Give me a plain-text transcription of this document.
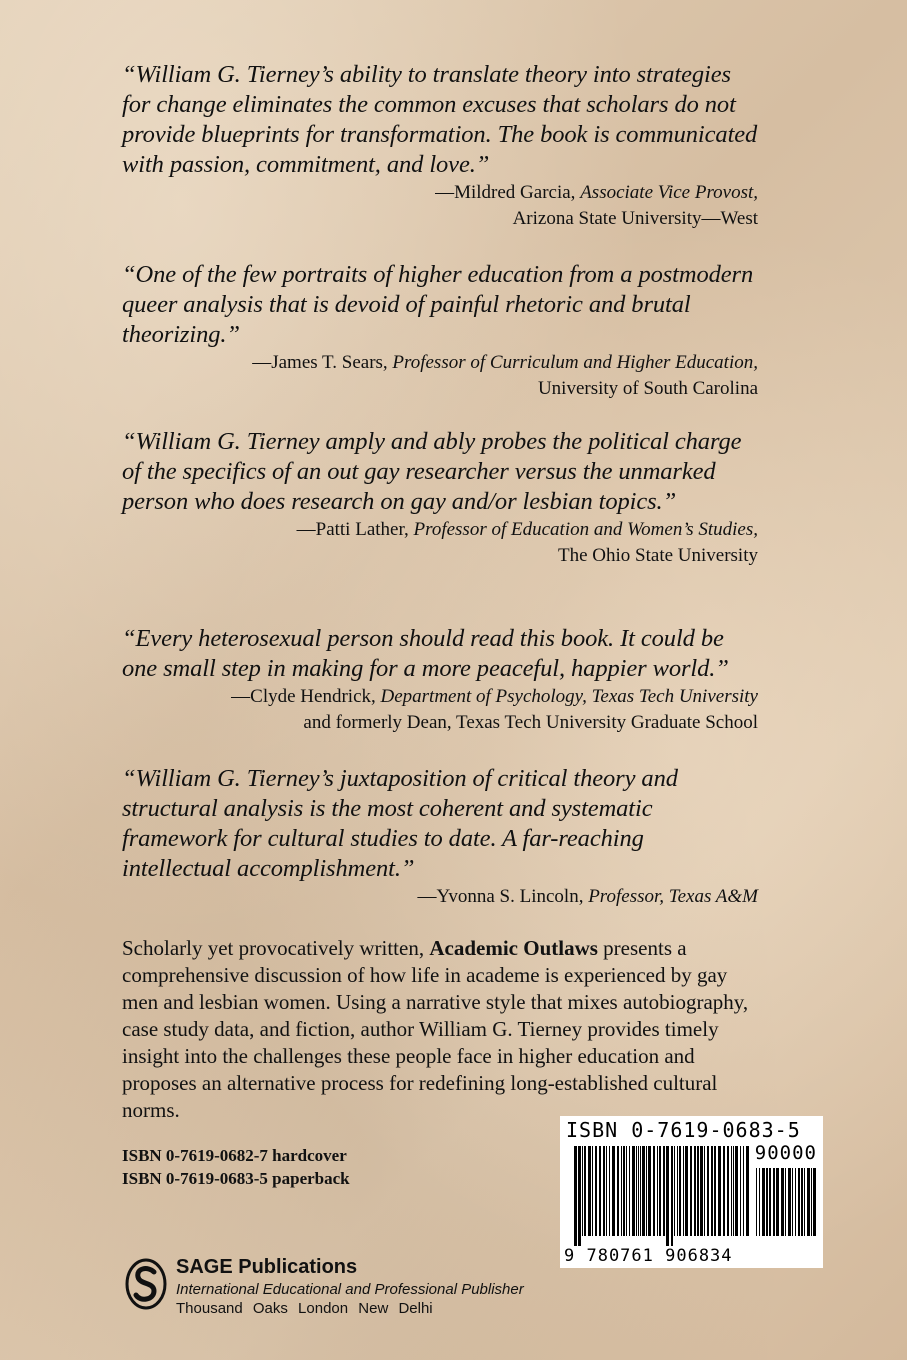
“William G. Tierney’s ability to translate theory into strategies for change eliminates the common excuses that scholars do not provide blueprints for transformation. The book is communicated with passion, commitment, and love.”

—Mildred Garcia, Associate Vice Provost,

Arizona State University—West

“One of the few portraits of higher education from a postmodern queer analysis that is devoid of painful rhetoric and brutal theorizing.”

—James T. Sears, Professor of Curriculum and Higher Education,

University of South Carolina

“William G. Tierney amply and ably probes the political charge of the specifics of an out gay researcher versus the unmarked person who does research on gay and/or lesbian topics.”

—Patti Lather, Professor of Education and Women’s Studies,

The Ohio State University

“Every heterosexual person should read this book. It could be one small step in making for a more peaceful, happier world.”

—Clyde Hendrick, Department of Psychology, Texas Tech University

and formerly Dean, Texas Tech University Graduate School

“William G. Tierney’s juxtaposition of critical theory and structural analysis is the most coherent and systematic framework for cultural studies to date. A far-reaching intellectual accomplishment.”

—Yvonna S. Lincoln, Professor, Texas A&M

Scholarly yet provocatively written, Academic Outlaws presents a comprehensive discussion of how life in academe is experienced by gay men and lesbian women. Using a narrative style that mixes autobiography, case study data, and fiction, author William G. Tierney provides timely insight into the challenges these people face in higher education and proposes an alternative process for redefining long-established cultural norms.

ISBN 0-7619-0682-7 hardcover
ISBN 0-7619-0683-5 paperback
ISBN 0-7619-0683-5
90000
9 780761 906834
SAGE Publications
International Educational and Professional Publisher
Thousand Oaks London New Delhi
